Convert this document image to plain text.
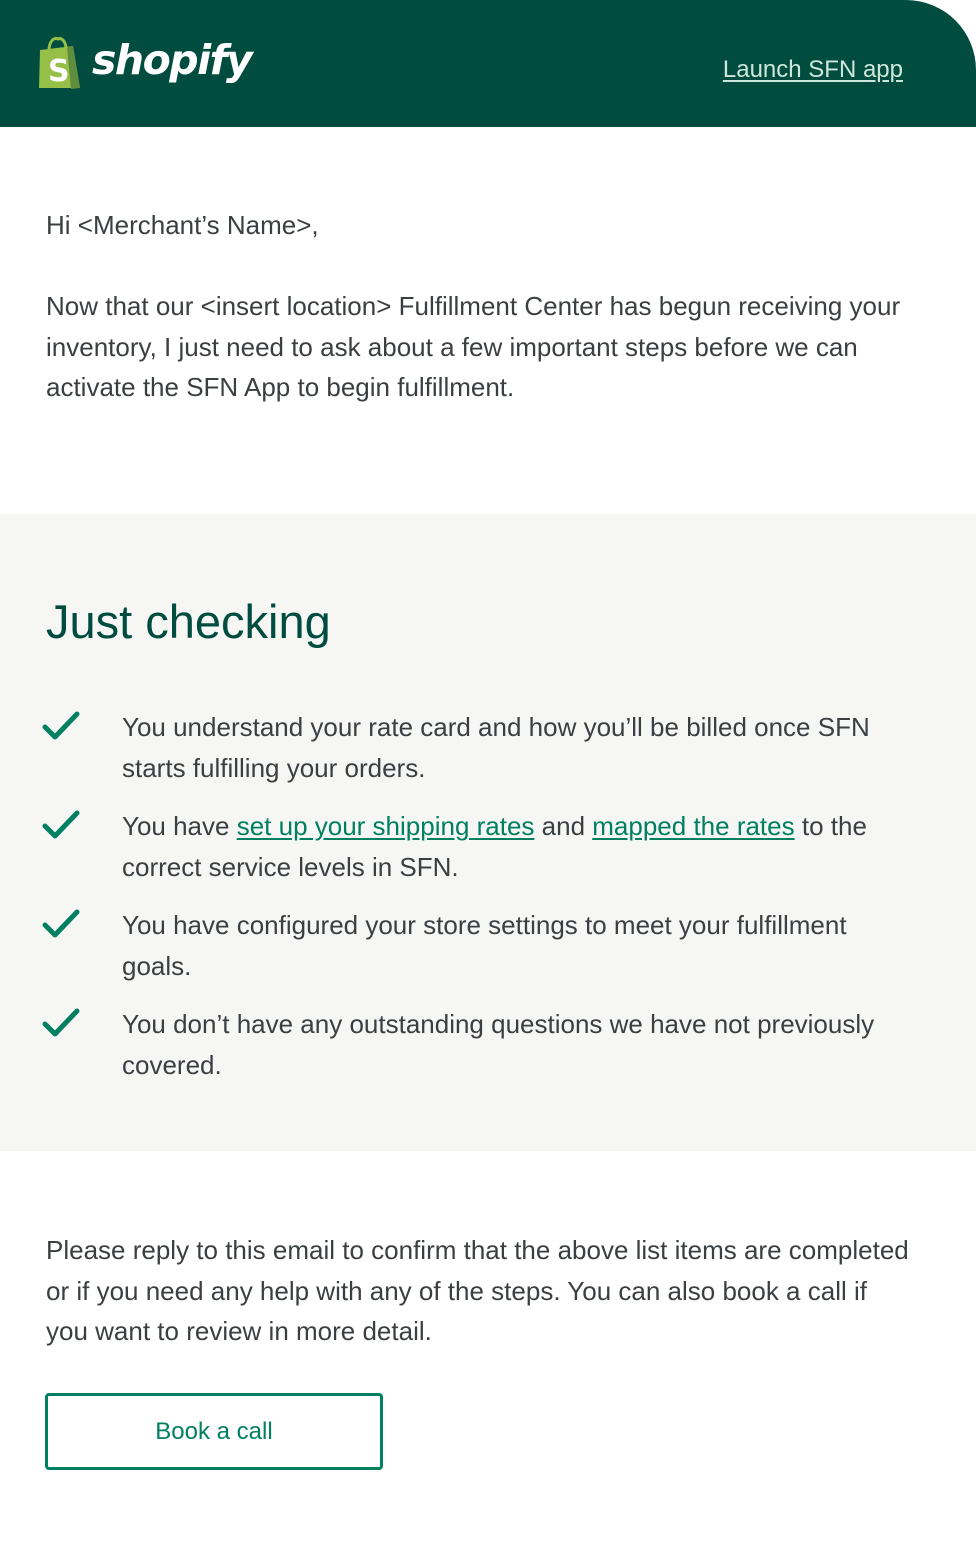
S shopify	Launch SFN app

Hi <Merchant’s Name>,

Now that our <insert location> Fulfillment Center has begun receiving your inventory, I just need to ask about a few important steps before we can activate the SFN App to begin fulfillment.

Just checking

You understand your rate card and how you’ll be billed once SFN starts fulfilling your orders.

You have set up your shipping rates and mapped the rates to the correct service levels in SFN.

You have configured your store settings to meet your fulfillment goals.

You don’t have any outstanding questions we have not previously covered.

Please reply to this email to confirm that the above list items are completed or if you need any help with any of the steps. You can also book a call if you want to review in more detail.

Book a call
